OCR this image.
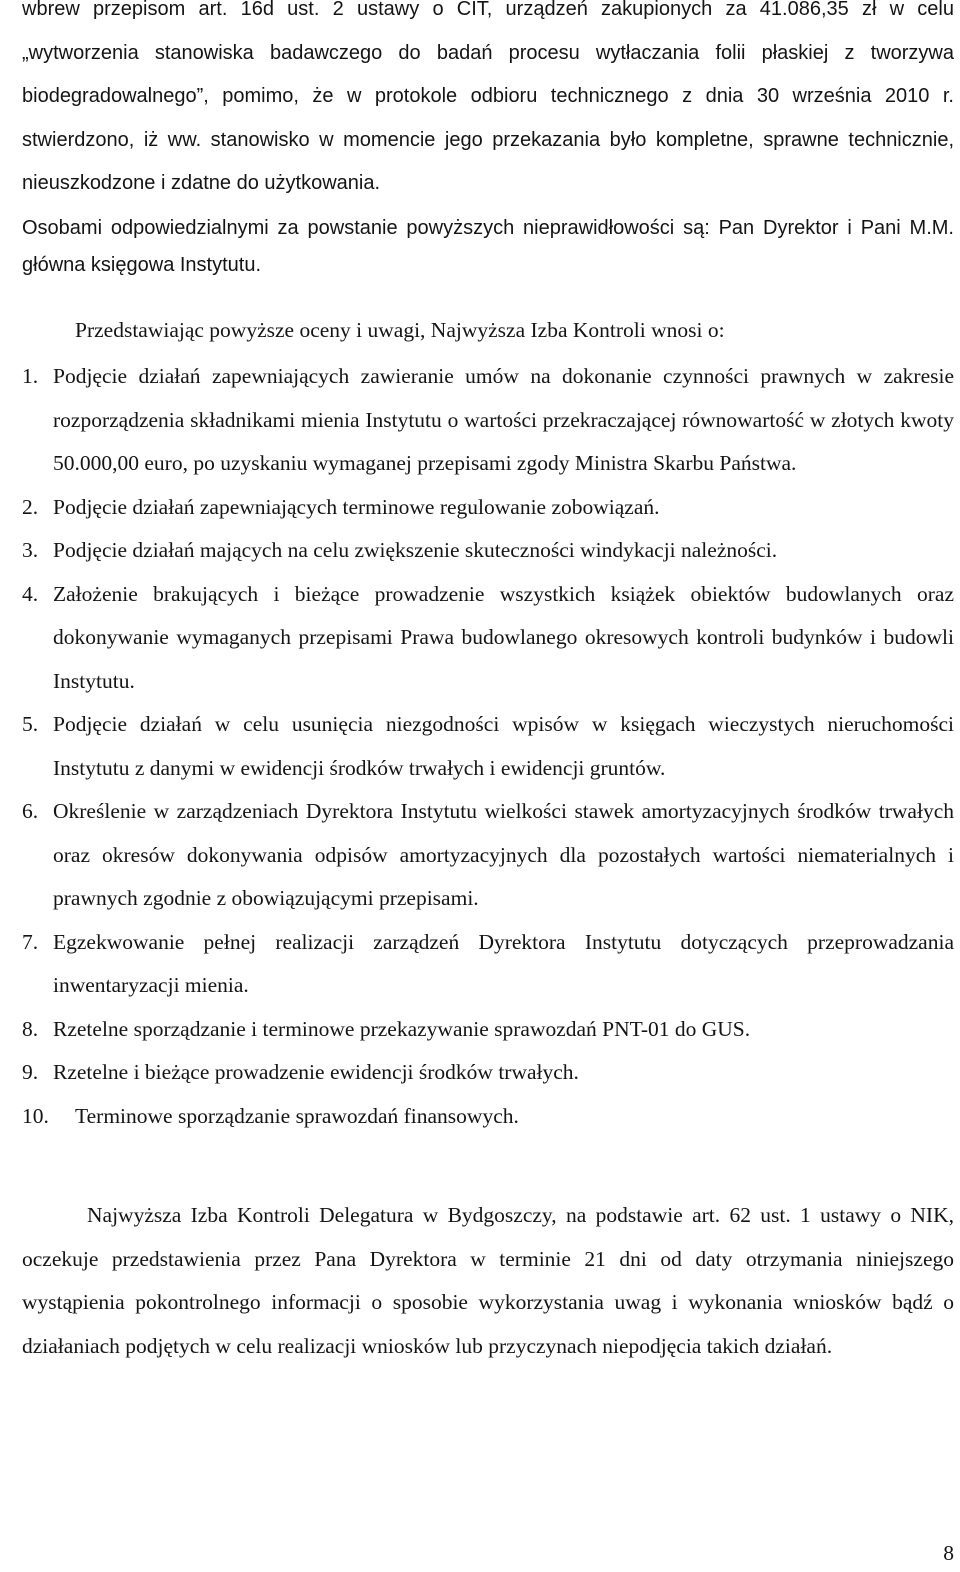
wbrew przepisom art. 16d ust. 2 ustawy o CIT, urządzeń zakupionych za 41.086,35 zł w celu „wytworzenia stanowiska badawczego do badań procesu wytłaczania folii płaskiej z tworzywa biodegradowalnego”, pomimo, że w protokole odbioru technicznego z dnia 30 września 2010 r. stwierdzono, iż ww. stanowisko w momencie jego przekazania było kompletne, sprawne technicznie, nieuszkodzone i zdatne do użytkowania.

Osobami odpowiedzialnymi za powstanie powyższych nieprawidłowości są: Pan Dyrektor i Pani M.M. główna księgowa Instytutu.

Przedstawiając powyższe oceny i uwagi, Najwyższa Izba Kontroli wnosi o:

1. Podjęcie działań zapewniających zawieranie umów na dokonanie czynności prawnych w zakresie rozporządzenia składnikami mienia Instytutu o wartości przekraczającej równowartość w złotych kwoty 50.000,00 euro, po uzyskaniu wymaganej przepisami zgody Ministra Skarbu Państwa.
2. Podjęcie działań zapewniających terminowe regulowanie zobowiązań.
3. Podjęcie działań mających na celu zwiększenie skuteczności windykacji należności.
4. Założenie brakujących i bieżące prowadzenie wszystkich książek obiektów budowlanych oraz dokonywanie wymaganych przepisami Prawa budowlanego okresowych kontroli budynków i budowli Instytutu.
5. Podjęcie działań w celu usunięcia niezgodności wpisów w księgach wieczystych nieruchomości Instytutu z danymi w ewidencji środków trwałych i ewidencji gruntów.
6. Określenie w zarządzeniach Dyrektora Instytutu wielkości stawek amortyzacyjnych środków trwałych oraz okresów dokonywania odpisów amortyzacyjnych dla pozostałych wartości niematerialnych i prawnych zgodnie z obowiązującymi przepisami.
7. Egzekwowanie pełnej realizacji zarządzeń Dyrektora Instytutu dotyczących przeprowadzania inwentaryzacji mienia.
8. Rzetelne sporządzanie i terminowe przekazywanie sprawozdań PNT-01 do GUS.
9. Rzetelne i bieżące prowadzenie ewidencji środków trwałych.
10. Terminowe sporządzanie sprawozdań finansowych.

Najwyższa Izba Kontroli Delegatura w Bydgoszczy, na podstawie art. 62 ust. 1 ustawy o NIK, oczekuje przedstawienia przez Pana Dyrektora w terminie 21 dni od daty otrzymania niniejszego wystąpienia pokontrolnego informacji o sposobie wykorzystania uwag i wykonania wniosków bądź o działaniach podjętych w celu realizacji wniosków lub przyczynach niepodjęcia takich działań.

8
